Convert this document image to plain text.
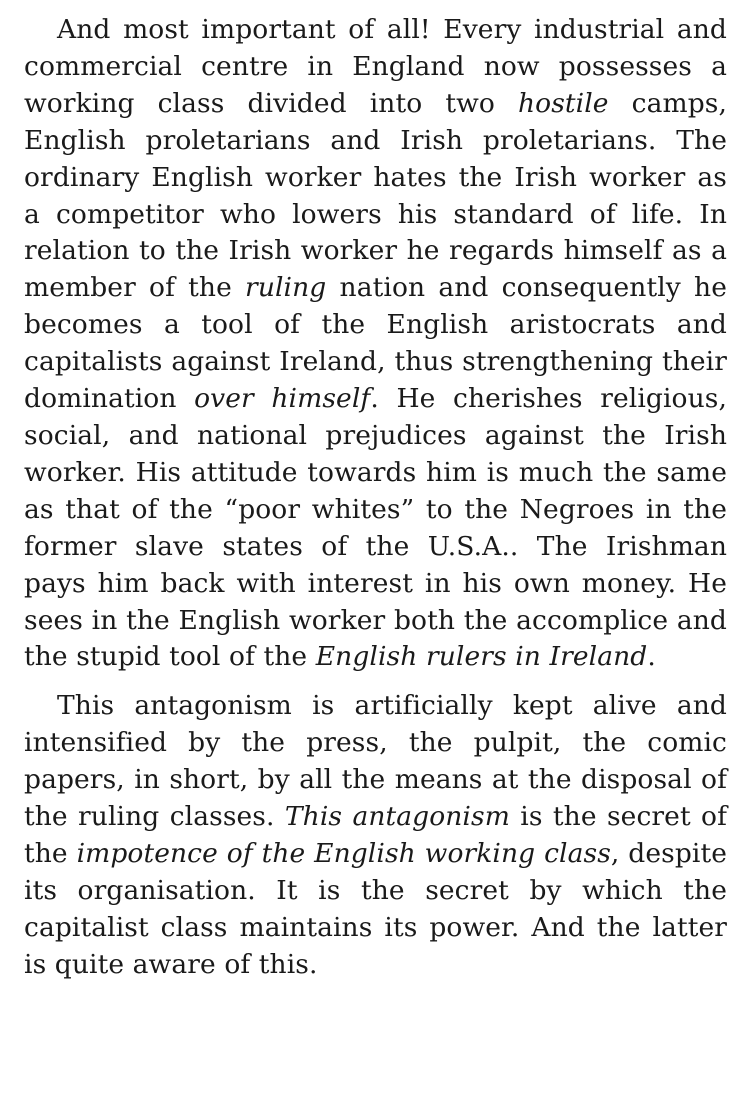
And most important of all! Every industrial and commercial centre in England now possesses a working class divided into two hostile camps, English proletarians and Irish proletarians. The ordinary English worker hates the Irish worker as a competitor who lowers his standard of life. In relation to the Irish worker he regards himself as a member of the ruling nation and consequently he becomes a tool of the English aristocrats and capitalists against Ireland, thus strengthening their domination over himself. He cherishes religious, social, and national prejudices against the Irish worker. His attitude towards him is much the same as that of the “poor whites” to the Negroes in the former slave states of the U.S.A.. The Irishman pays him back with interest in his own money. He sees in the English worker both the accomplice and the stupid tool of the English rulers in Ireland.

This antagonism is artificially kept alive and intensified by the press, the pulpit, the comic papers, in short, by all the means at the disposal of the ruling classes. This antagonism is the secret of the impotence of the English working class, despite its organisation. It is the secret by which the capitalist class maintains its power. And the latter is quite aware of this.
